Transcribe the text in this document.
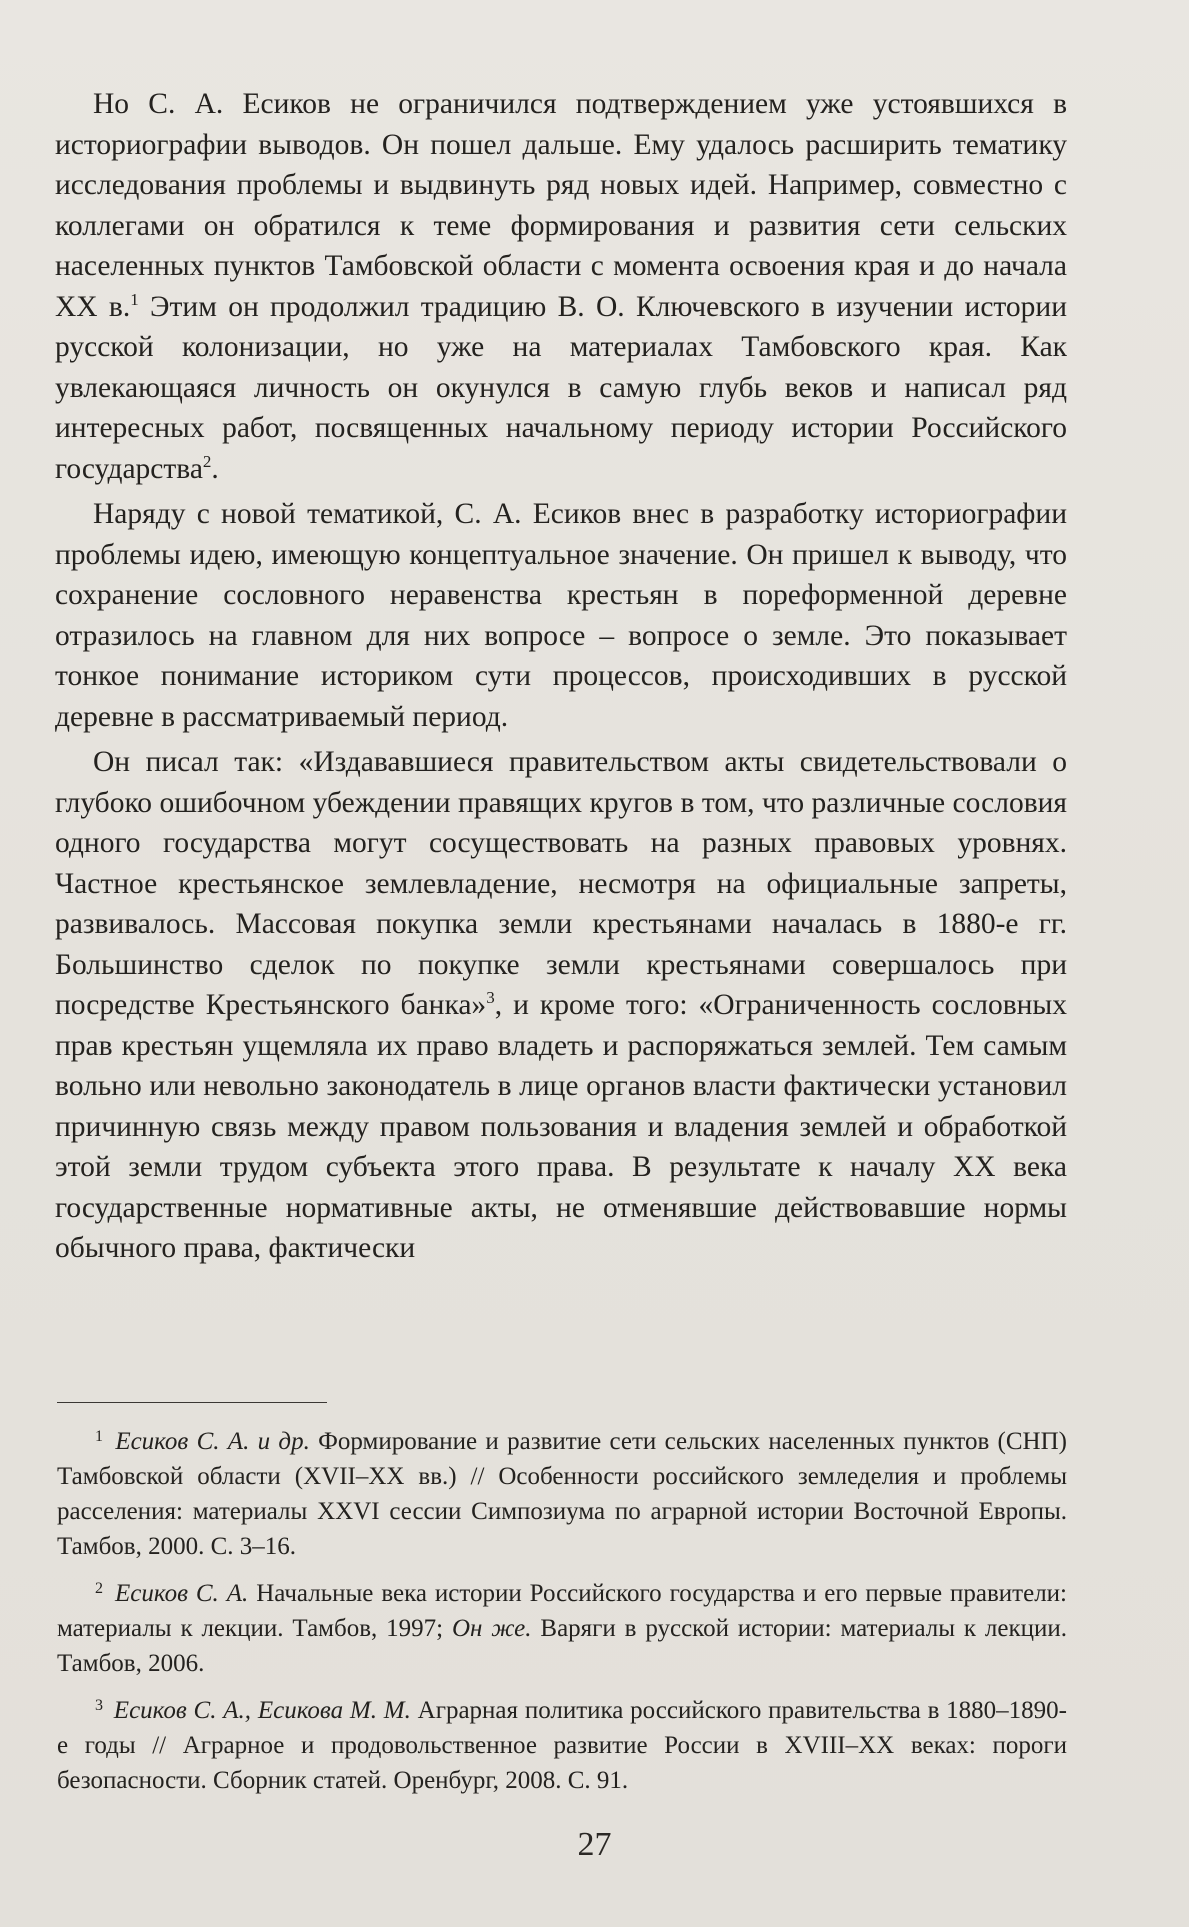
Но С. А. Есиков не ограничился подтверждением уже устоявшихся в историографии выводов. Он пошел дальше. Ему удалось расширить тематику исследования проблемы и выдвинуть ряд новых идей. Например, совместно с коллегами он обратился к теме формирования и развития сети сельских населенных пунктов Тамбовской области с момента освоения края и до начала XX в.$^1$ Этим он продолжил традицию В. О. Ключевского в изучении истории русской колонизации, но уже на материалах Тамбовского края. Как увлекающаяся личность он окунулся в самую глубь веков и написал ряд интересных работ, посвященных начальному периоду истории Российского государства$^2$.

Наряду с новой тематикой, С. А. Есиков внес в разработку историографии проблемы идею, имеющую концептуальное значение. Он пришел к выводу, что сохранение сословного неравенства крестьян в пореформенной деревне отразилось на главном для них вопросе – вопросе о земле. Это показывает тонкое понимание историком сути процессов, происходивших в русской деревне в рассматриваемый период.

Он писал так: «Издававшиеся правительством акты свидетельствовали о глубоко ошибочном убеждении правящих кругов в том, что различные сословия одного государства могут сосуществовать на разных правовых уровнях. Частное крестьянское землевладение, несмотря на официальные запреты, развивалось. Массовая покупка земли крестьянами началась в 1880-е гг. Большинство сделок по покупке земли крестьянами совершалось при посредстве Крестьянского банка»$^3$, и кроме того: «Ограниченность сословных прав крестьян ущемляла их право владеть и распоряжаться землей. Тем самым вольно или невольно законодатель в лице органов власти фактически установил причинную связь между правом пользования и владения землей и обработкой этой земли трудом субъекта этого права. В результате к началу XX века государственные нормативные акты, не отменявшие действовавшие нормы обычного права, фактически

$^1$ Есиков С. А. и др. Формирование и развитие сети сельских населенных пунктов (СНП) Тамбовской области (XVII–XX вв.) // Особенности российского земледелия и проблемы расселения: материалы XXVI сессии Симпозиума по аграрной истории Восточной Европы. Тамбов, 2000. С. 3–16.

$^2$ Есиков С. А. Начальные века истории Российского государства и его первые правители: материалы к лекции. Тамбов, 1997; Он же. Варяги в русской истории: материалы к лекции. Тамбов, 2006.

$^3$ Есиков С. А., Есикова М. М. Аграрная политика российского правительства в 1880–1890-е годы // Аграрное и продовольственное развитие России в XVIII–XX веках: пороги безопасности. Сборник статей. Оренбург, 2008. С. 91.

27
